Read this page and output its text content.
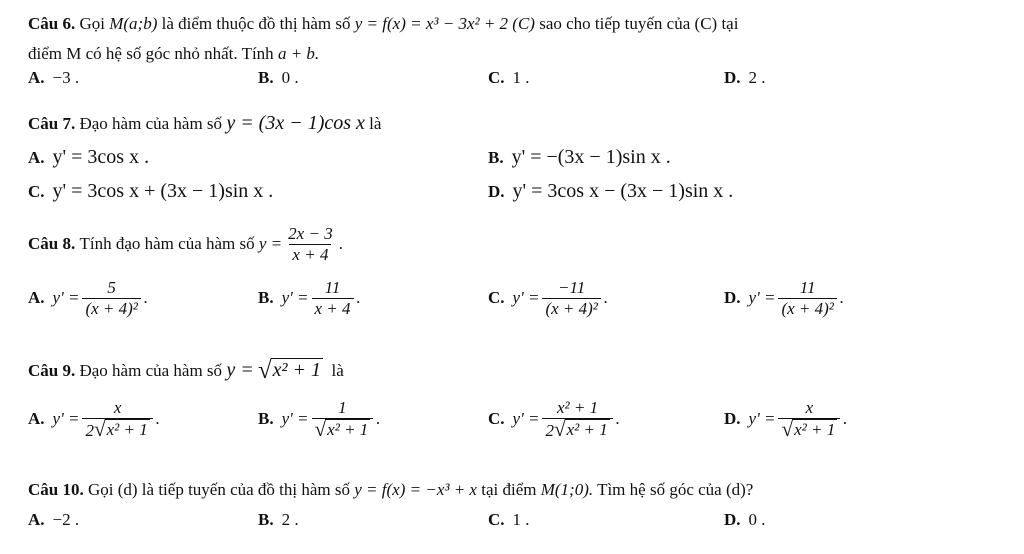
Câu 6. Gọi M(a;b) là điểm thuộc đồ thị hàm số y = f(x) = x³ − 3x² + 2 (C) sao cho tiếp tuyến của (C) tại
điểm M có hệ số góc nhỏ nhất. Tính a + b.
A. −3 .	B. 0 .	C. 1 .	D. 2 .
Câu 7. Đạo hàm của hàm số y = (3x − 1)cos x là
A. y' = 3cos x .	B. y' = −(3x − 1)sin x .
C. y' = 3cos x + (3x − 1)sin x .	D. y' = 3cos x − (3x − 1)sin x .
Câu 8.
Tính đạo hàm của hàm số
$y = \frac{2x - 3}{x + 4}$ .
A. $y' = \frac{5}{\text{(x + 4)²}}$ .	B. $y' = \frac{11}{x + 4}$ .	C. $y' = \frac{-11}{\text{(x + 4)²}}$ .	D. $y' = \frac{11}{\text{(x + 4)²}}$ .
Câu 9.
Đạo hàm của hàm số
y =
√ x² + 1
là
A. $y' = \frac{x}{\text{2 √ x² + 1}}$ .	B. $y' = \frac{1}{\text{√ x² + 1}}$ .	C. $y' = \frac{\text{x² + 1}}{\text{2 √ x² + 1}}$ .	D. $y' = \frac{x}{\text{√ x² + 1}}$ .
Câu 10. Gọi (d) là tiếp tuyến của đồ thị hàm số y = f(x) = −x³ + x tại điểm M(1;0). Tìm hệ số góc của (d)?
A. −2 .	B. 2 .	C. 1 .	D. 0 .
